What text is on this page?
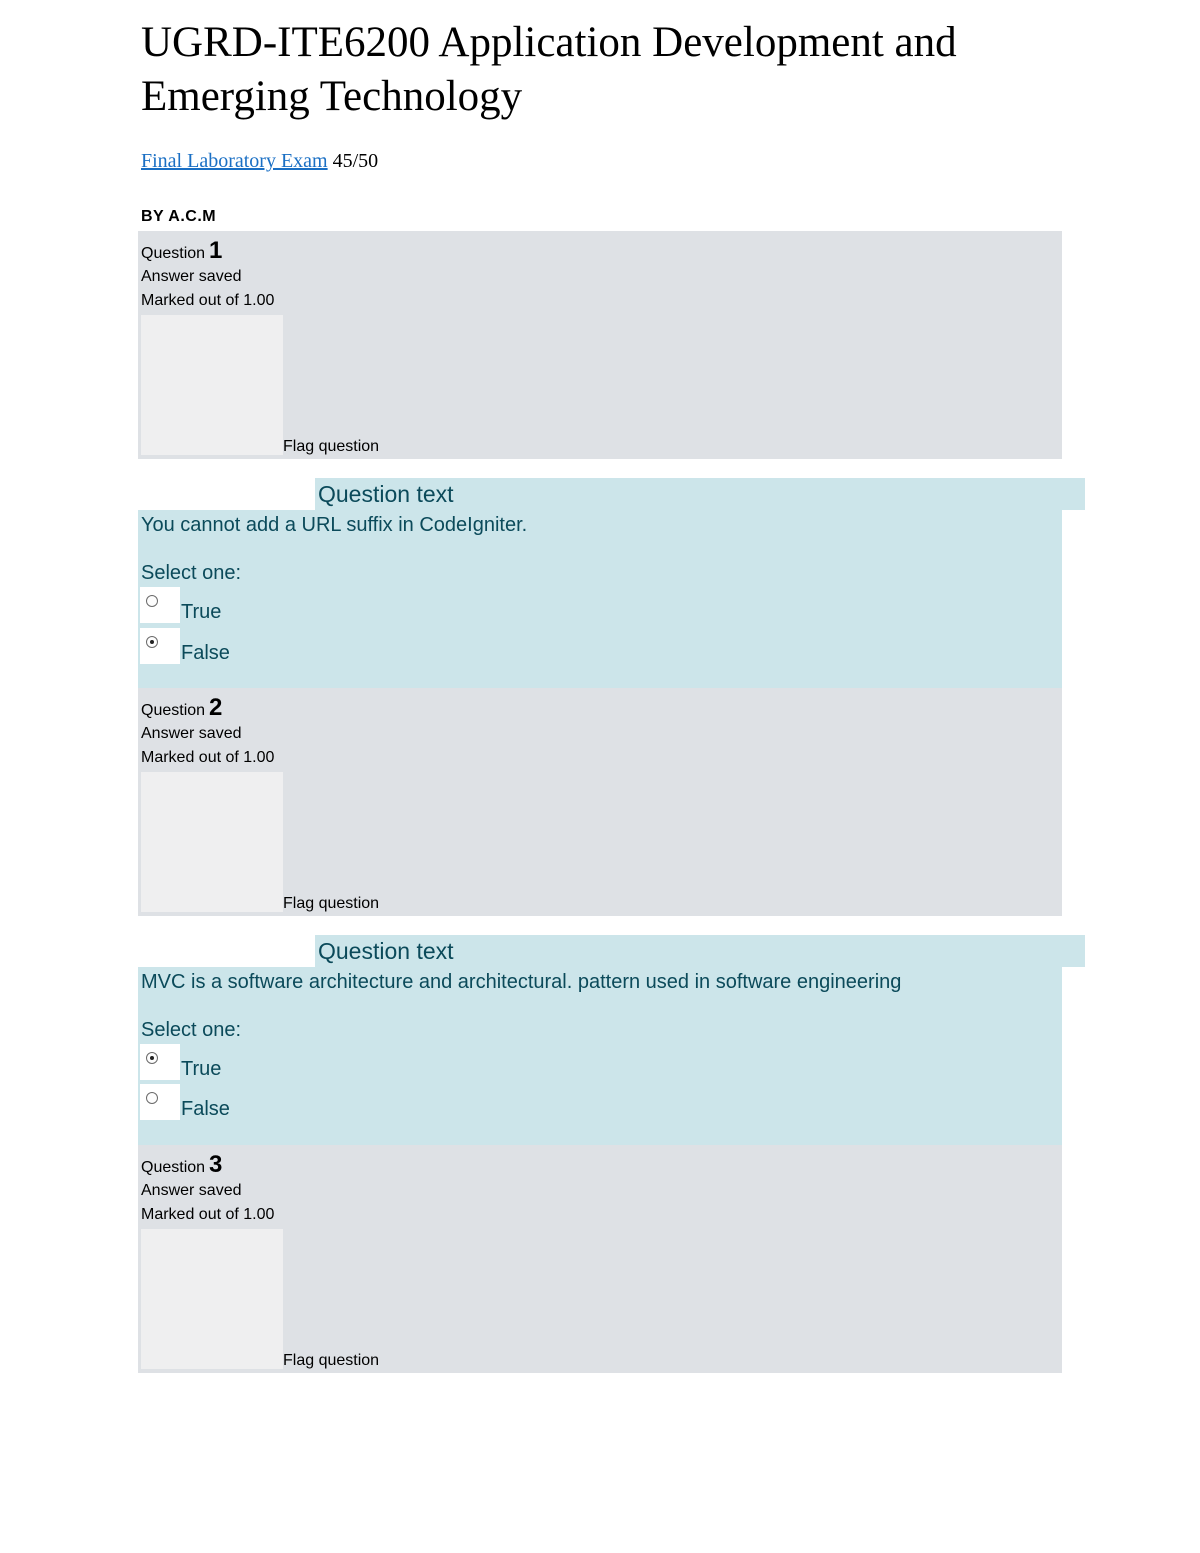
UGRD-ITE6200 Application Development and Emerging Technology
Final Laboratory Exam 45/50
BY A.C.M
Question 1
Answer saved
Marked out of 1.00
Flag question
Question text
You cannot add a URL suffix in CodeIgniter.
Select one:
True
False
Question 2
Answer saved
Marked out of 1.00
Flag question
Question text
MVC is a software architecture and architectural. pattern used in software engineering
Select one:
True
False
Question 3
Answer saved
Marked out of 1.00
Flag question
